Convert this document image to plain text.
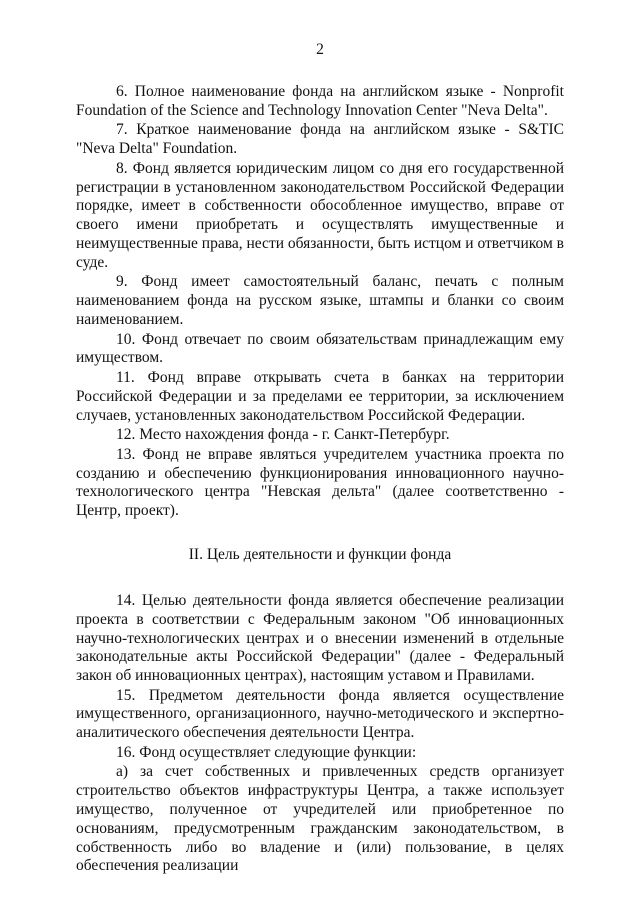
2

6. Полное наименование фонда на английском языке - Nonprofit Foundation of the Science and Technology Innovation Center "Neva Delta".

7. Краткое наименование фонда на английском языке - S&TIC "Neva Delta" Foundation.

8. Фонд является юридическим лицом со дня его государственной регистрации в установленном законодательством Российской Федерации порядке, имеет в собственности обособленное имущество, вправе от своего имени приобретать и осуществлять имущественные и неимущественные права, нести обязанности, быть истцом и ответчиком в суде.

9. Фонд имеет самостоятельный баланс, печать с полным наименованием фонда на русском языке, штампы и бланки со своим наименованием.

10. Фонд отвечает по своим обязательствам принадлежащим ему имуществом.

11. Фонд вправе открывать счета в банках на территории Российской Федерации и за пределами ее территории, за исключением случаев, установленных законодательством Российской Федерации.

12. Место нахождения фонда - г. Санкт-Петербург.

13. Фонд не вправе являться учредителем участника проекта по созданию и обеспечению функционирования инновационного научно-технологического центра "Невская дельта" (далее соответственно - Центр, проект).

II. Цель деятельности и функции фонда

14. Целью деятельности фонда является обеспечение реализации проекта в соответствии с Федеральным законом "Об инновационных научно-технологических центрах и о внесении изменений в отдельные законодательные акты Российской Федерации" (далее - Федеральный закон об инновационных центрах), настоящим уставом и Правилами.

15. Предметом деятельности фонда является осуществление имущественного, организационного, научно-методического и экспертно-аналитического обеспечения деятельности Центра.

16. Фонд осуществляет следующие функции:

а) за счет собственных и привлеченных средств организует строительство объектов инфраструктуры Центра, а также использует имущество, полученное от учредителей или приобретенное по основаниям, предусмотренным гражданским законодательством, в собственность либо во владение и (или) пользование, в целях обеспечения реализации
